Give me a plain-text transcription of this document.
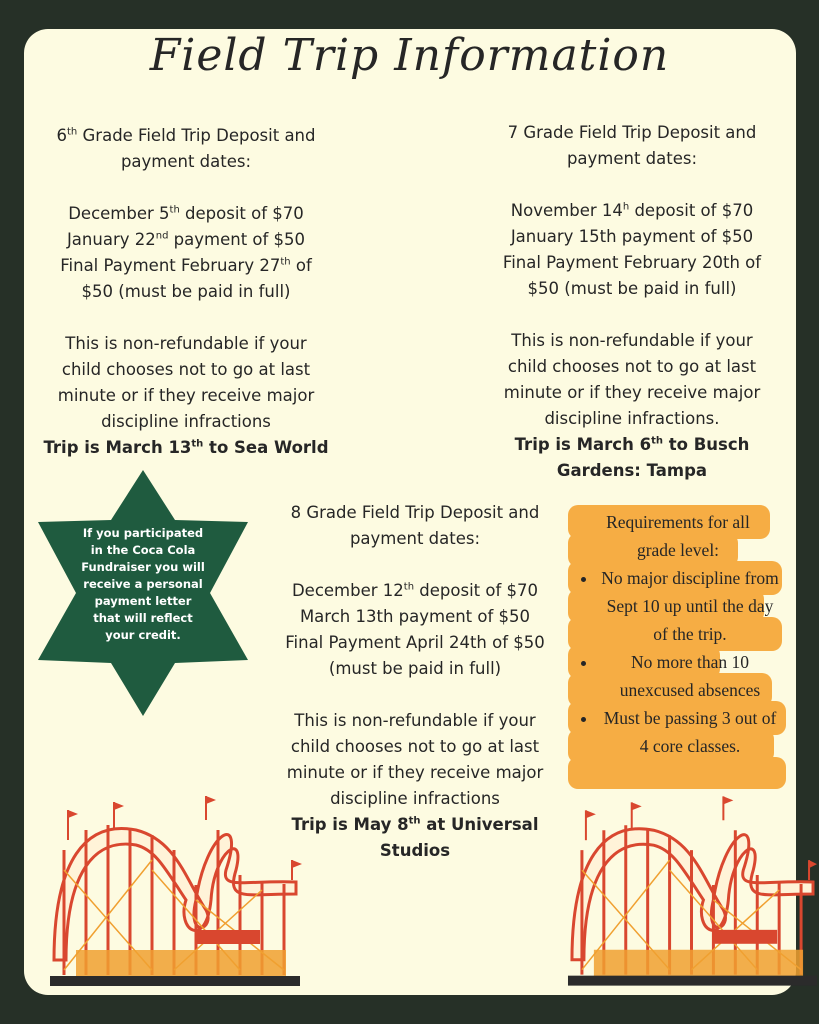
Field Trip Information

6th Grade Field Trip Deposit and

payment dates:

December 5th deposit of $70

January 22nd payment of $50

Final Payment February 27th of

$50 (must be paid in full)

This is non-refundable if your

child chooses not to go at last

minute or if they receive major

discipline infractions

Trip is March 13th to Sea World

7 Grade Field Trip Deposit and

payment dates:

November 14$^h$ deposit of $70

January 15th payment of $50

Final Payment February 20th of

$50 (must be paid in full)

This is non-refundable if your

child chooses not to go at last

minute or if they receive major

discipline infractions.

Trip is March 6th to Busch

Gardens: Tampa

8 Grade Field Trip Deposit and

payment dates:

December 12th deposit of $70

March 13th payment of $50

Final Payment April 24th of $50

(must be paid in full)

This is non-refundable if your

child chooses not to go at last

minute or if they receive major

discipline infractions

Trip is May 8th at Universal

Studios

If you participated
in the Coca Cola
Fundraiser you will
receive a personal
payment letter
that will reflect
your credit.
Requirements for all
grade level:
• No major discipline from Sept 10 up until the day of the trip.
• No more than 10 unexcused absences
• Must be passing 3 out of 4 core classes.
